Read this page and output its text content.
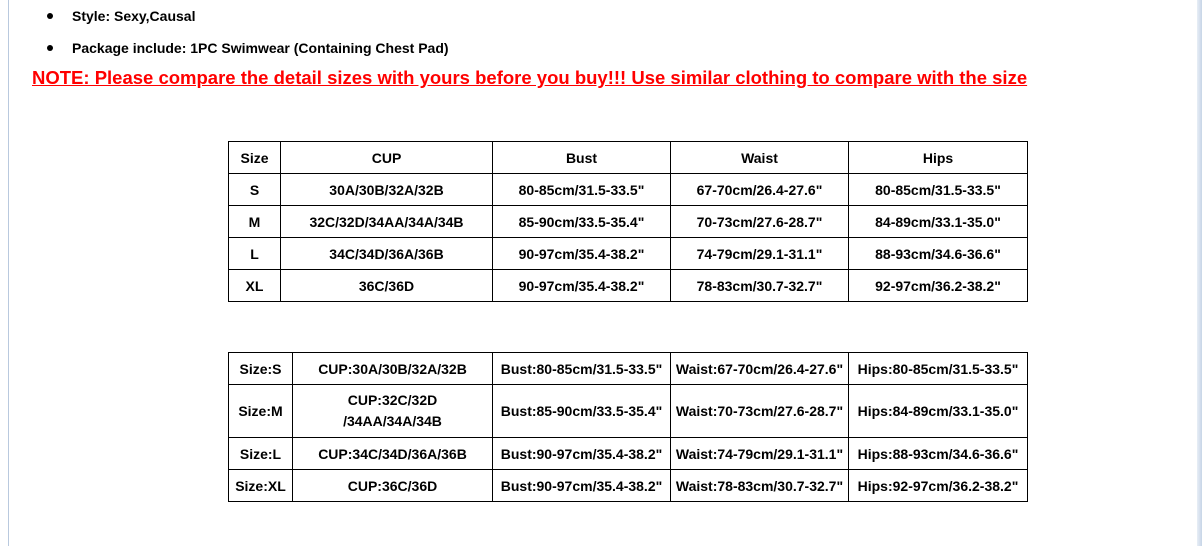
Style: Sexy,Causal
Package include: 1PC Swimwear (Containing Chest Pad)
NOTE: Please compare the detail sizes with yours before you buy!!! Use similar clothing to compare with the size
Size	CUP	Bust	Waist	Hips
S	30A/30B/32A/32B	80-85cm/31.5-33.5"	67-70cm/26.4-27.6"	80-85cm/31.5-33.5"
M	32C/32D/34AA/34A/34B	85-90cm/33.5-35.4"	70-73cm/27.6-28.7"	84-89cm/33.1-35.0"
L	34C/34D/36A/36B	90-97cm/35.4-38.2"	74-79cm/29.1-31.1"	88-93cm/34.6-36.6"
XL	36C/36D	90-97cm/35.4-38.2"	78-83cm/30.7-32.7"	92-97cm/36.2-38.2"
Size:S	CUP:30A/30B/32A/32B	Bust:80-85cm/31.5-33.5"	Waist:67-70cm/26.4-27.6"	Hips:80-85cm/31.5-33.5"
Size:M	CUP:32C/32D /34AA/34A/34B	Bust:85-90cm/33.5-35.4"	Waist:70-73cm/27.6-28.7"	Hips:84-89cm/33.1-35.0"
Size:L	CUP:34C/34D/36A/36B	Bust:90-97cm/35.4-38.2"	Waist:74-79cm/29.1-31.1"	Hips:88-93cm/34.6-36.6"
Size:XL	CUP:36C/36D	Bust:90-97cm/35.4-38.2"	Waist:78-83cm/30.7-32.7"	Hips:92-97cm/36.2-38.2"
